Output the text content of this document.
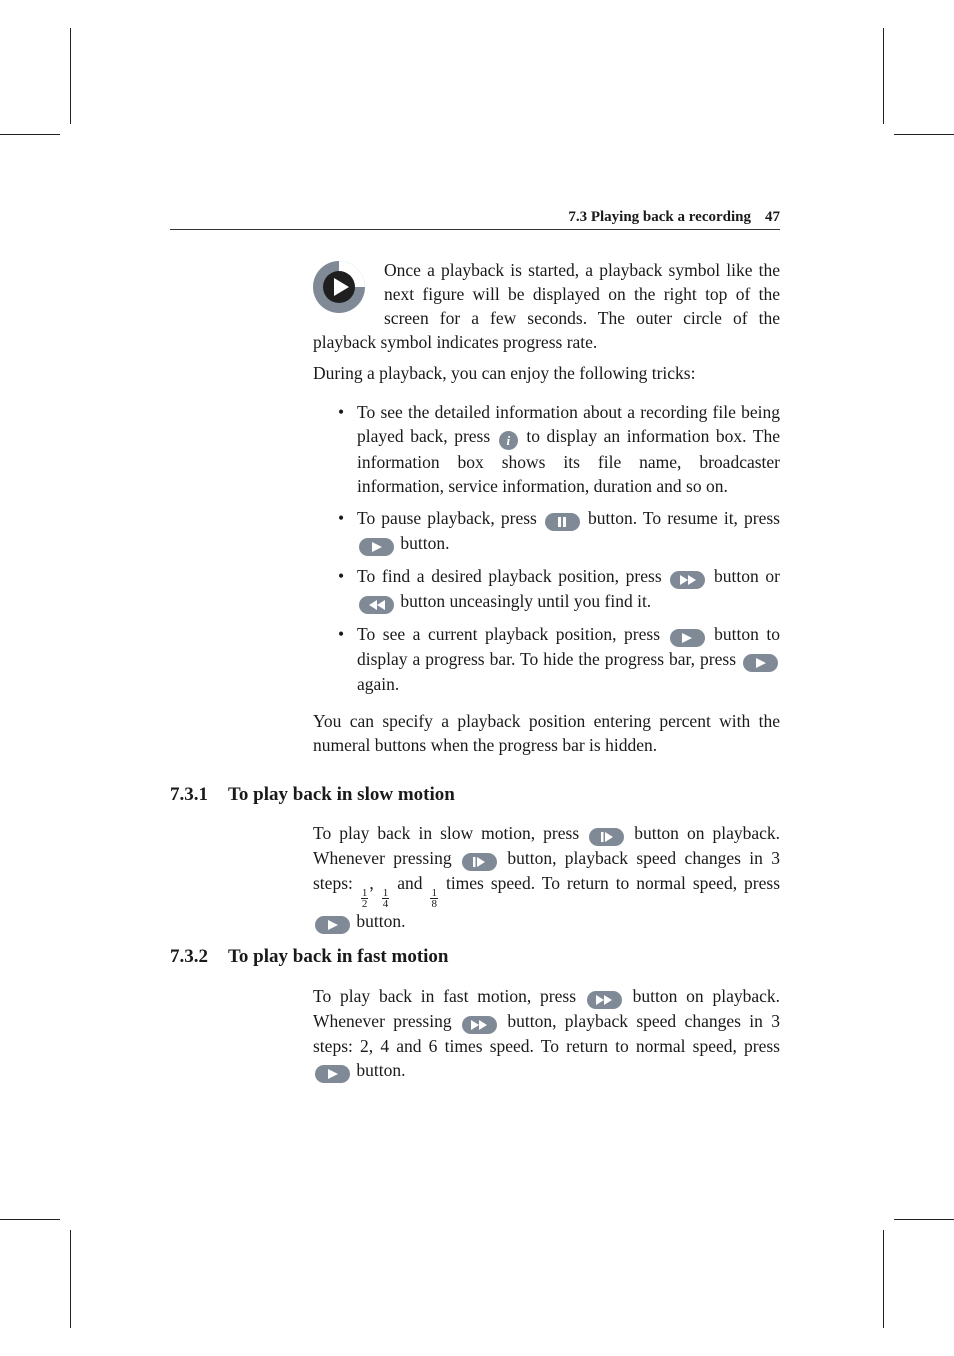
7.3 Playing back a recording 47
Once a playback is started, a playback symbol like the next figure will be displayed on the right top of the screen for a few seconds. The outer circle of the playback symbol indicates progress rate.

During a playback, you can enjoy the following tricks:

• To see the detailed information about a recording file being played back, press i to display an information box. The information box shows its file name, broadcaster information, service information, duration and so on.

• To pause playback, press	button. To resume it, press
button.

• To find a desired playback position, press	button or
button unceasingly until you find it.

• To see a current playback position, press	button to display a progress bar. To hide the progress bar, press
again.

You can specify a playback position entering percent with the numeral buttons when the progress bar is hidden.

7.3.1 To play back in slow motion

To play back in slow motion, press	button on playback. Whenever pressing	button, playback speed changes in 3 steps:
$\frac{1}{2}$
,
$\frac{1}{4}$
and
$\frac{1}{8}$
times speed. To return to normal speed, press
button.

7.3.2 To play back in fast motion

To play back in fast motion, press	button on playback. Whenever pressing	button, playback speed changes in 3 steps: 2, 4 and 6 times speed. To return to normal speed, press
button.
